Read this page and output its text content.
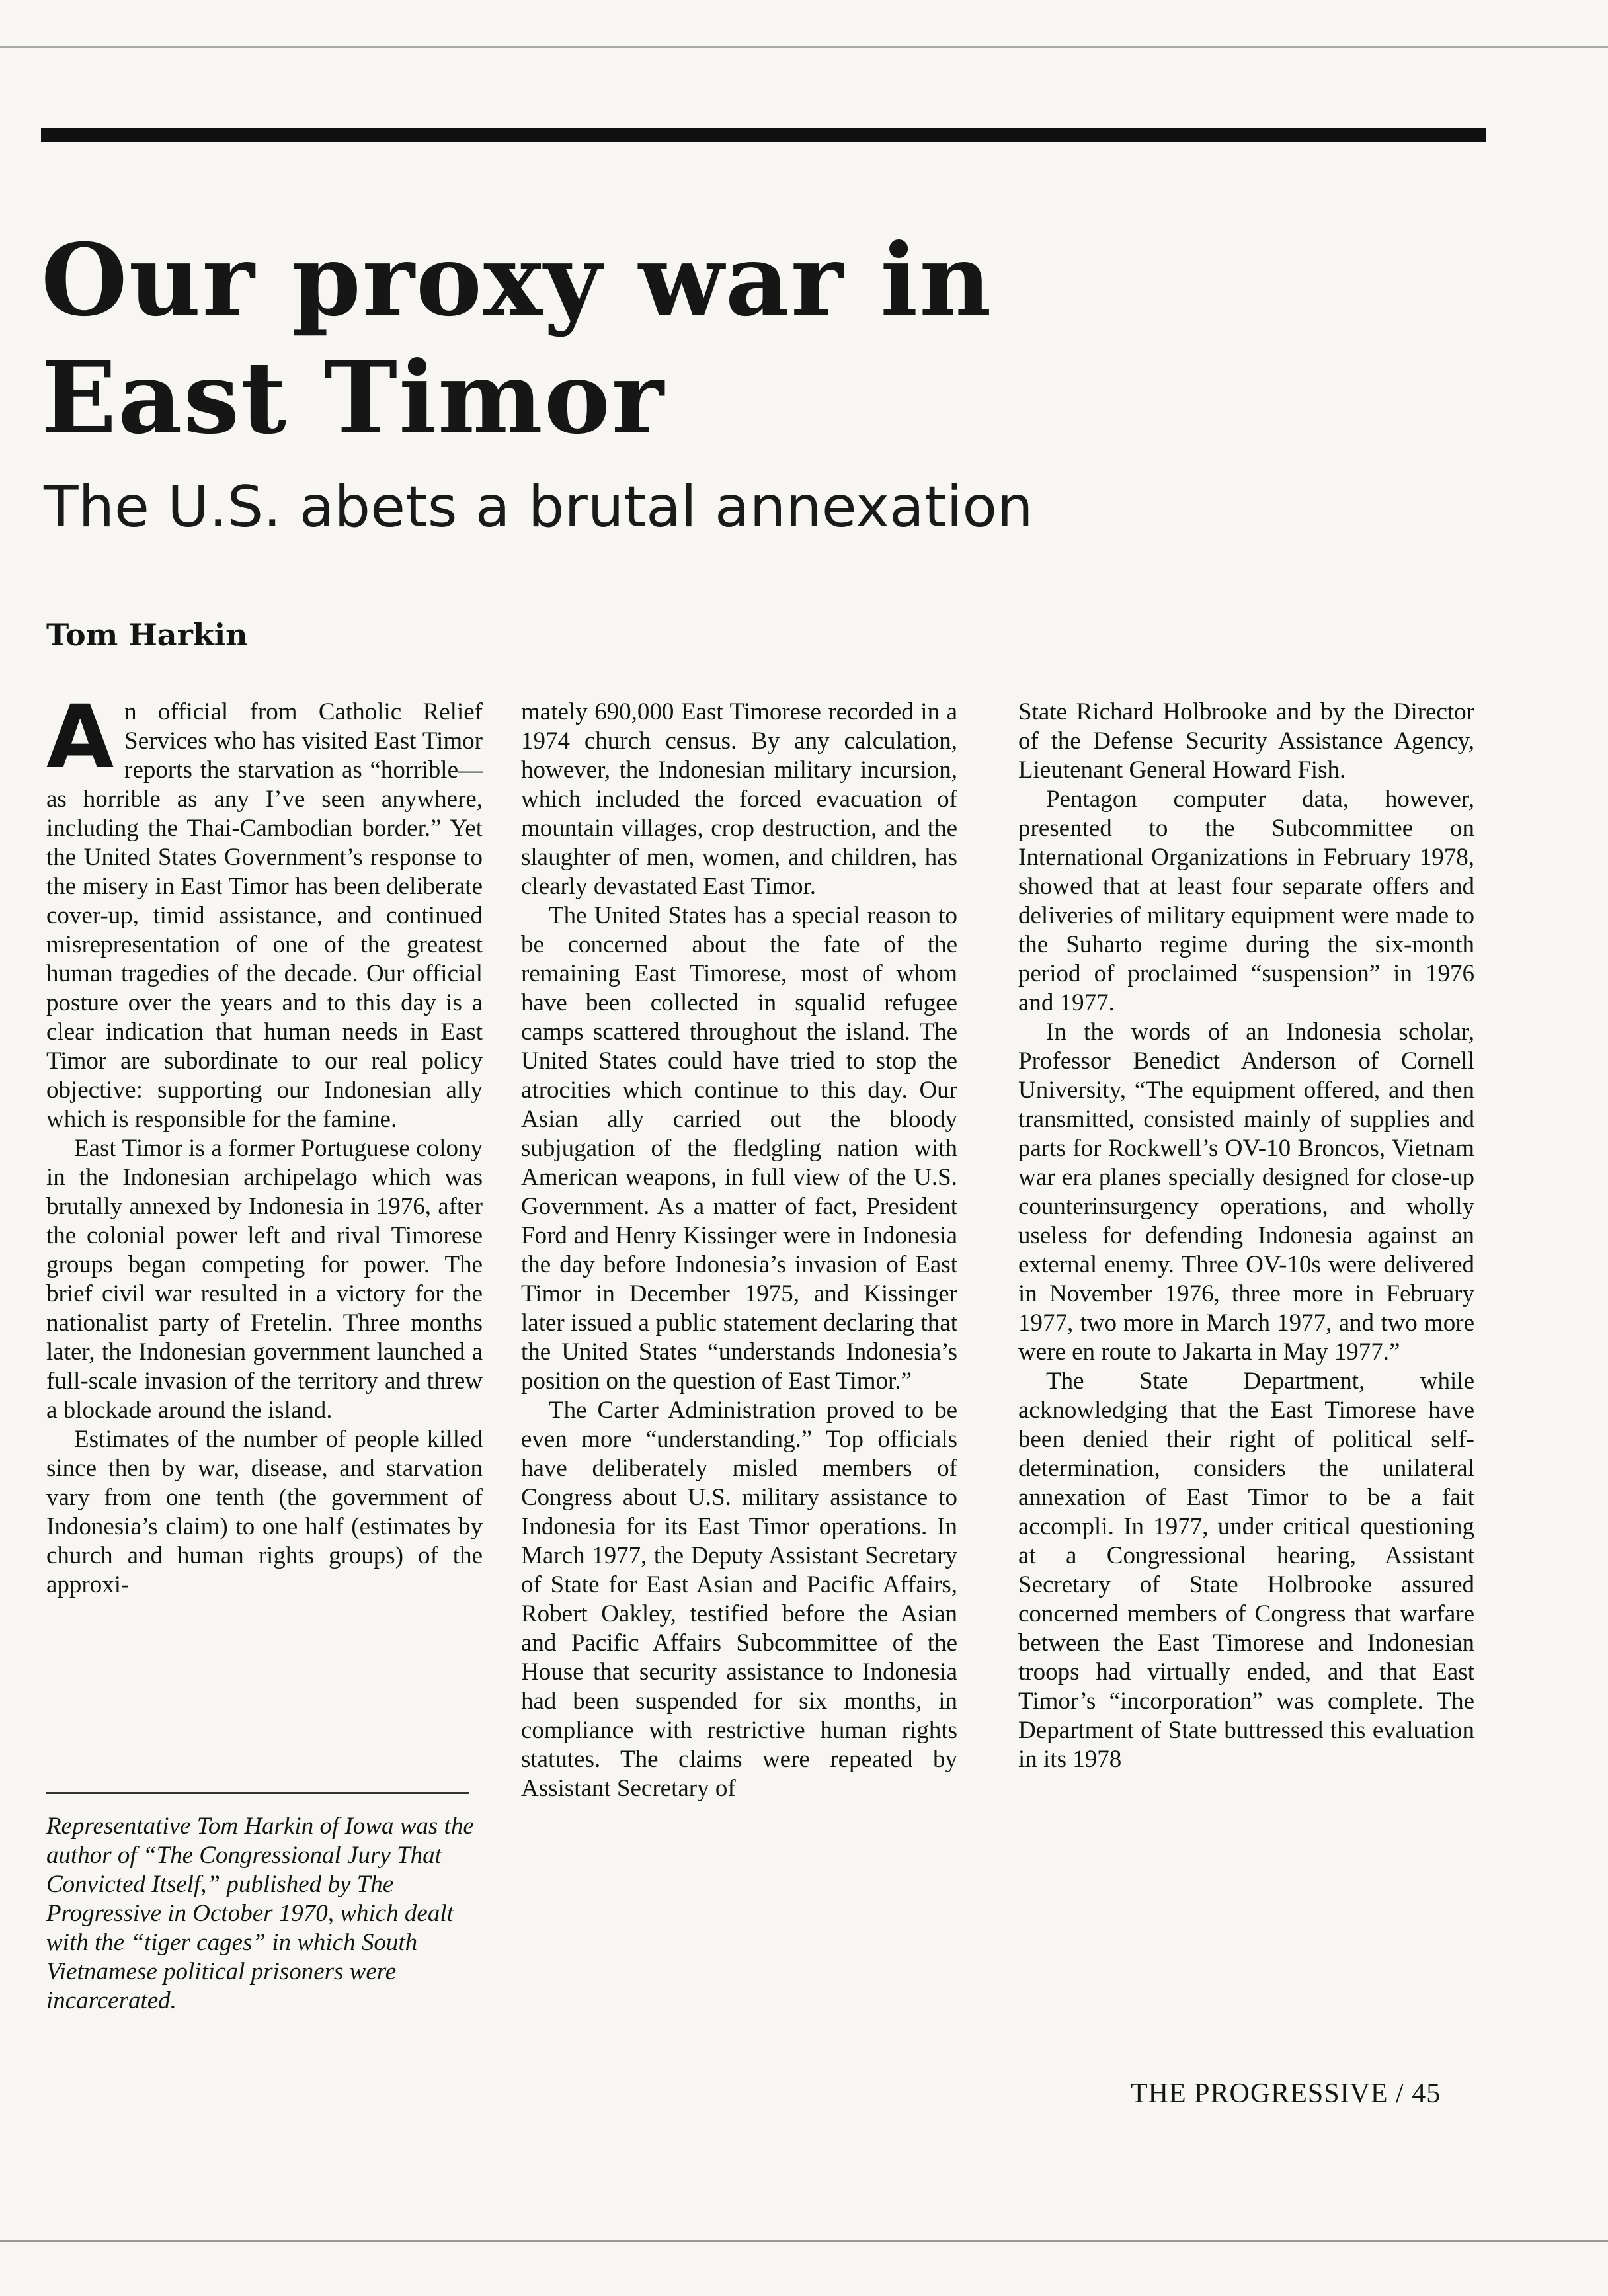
Our proxy war in
East Timor
The U.S. abets a brutal annexation

Tom Harkin

An official from Catholic Relief Services who has visited East Timor reports the starvation as “horrible—as horrible as any I’ve seen anywhere, including the Thai-Cambodian border.” Yet the United States Government’s response to the misery in East Timor has been deliberate cover-up, timid assistance, and continued misrepresentation of one of the greatest human tragedies of the decade. Our official posture over the years and to this day is a clear indication that human needs in East Timor are subordinate to our real policy objective: supporting our Indonesian ally which is responsible for the famine.

East Timor is a former Portuguese colony in the Indonesian archipelago which was brutally annexed by Indonesia in 1976, after the colonial power left and rival Timorese groups began competing for power. The brief civil war resulted in a victory for the nationalist party of Fretelin. Three months later, the Indonesian government launched a full-scale invasion of the territory and threw a blockade around the island.

Estimates of the number of people killed since then by war, disease, and starvation vary from one tenth (the government of Indonesia’s claim) to one half (estimates by church and human rights groups) of the approxi-

Representative Tom Harkin of Iowa was the author of “The Congressional Jury That Convicted Itself,” published by The Progressive in October 1970, which dealt with the “tiger cages” in which South Vietnamese political prisoners were incarcerated.

mately 690,000 East Timorese recorded in a 1974 church census. By any calculation, however, the Indonesian military incursion, which included the forced evacuation of mountain villages, crop destruction, and the slaughter of men, women, and children, has clearly devastated East Timor.

The United States has a special reason to be concerned about the fate of the remaining East Timorese, most of whom have been collected in squalid refugee camps scattered throughout the island. The United States could have tried to stop the atrocities which continue to this day. Our Asian ally carried out the bloody subjugation of the fledgling nation with American weapons, in full view of the U.S. Government. As a matter of fact, President Ford and Henry Kissinger were in Indonesia the day before Indonesia’s invasion of East Timor in December 1975, and Kissinger later issued a public statement declaring that the United States “understands Indonesia’s position on the question of East Timor.”

The Carter Administration proved to be even more “understanding.” Top officials have deliberately misled members of Congress about U.S. military assistance to Indonesia for its East Timor operations. In March 1977, the Deputy Assistant Secretary of State for East Asian and Pacific Affairs, Robert Oakley, testified before the Asian and Pacific Affairs Subcommittee of the House that security assistance to Indonesia had been suspended for six months, in compliance with restrictive human rights statutes. The claims were repeated by Assistant Secretary of

State Richard Holbrooke and by the Director of the Defense Security Assistance Agency, Lieutenant General Howard Fish.

Pentagon computer data, however, presented to the Subcommittee on International Organizations in February 1978, showed that at least four separate offers and deliveries of military equipment were made to the Suharto regime during the six-month period of proclaimed “suspension” in 1976 and 1977.

In the words of an Indonesia scholar, Professor Benedict Anderson of Cornell University, “The equipment offered, and then transmitted, consisted mainly of supplies and parts for Rockwell’s OV-10 Broncos, Vietnam war era planes specially designed for close-up counterinsurgency operations, and wholly useless for defending Indonesia against an external enemy. Three OV-10s were delivered in November 1976, three more in February 1977, two more in March 1977, and two more were en route to Jakarta in May 1977.”

The State Department, while acknowledging that the East Timorese have been denied their right of political self-determination, considers the unilateral annexation of East Timor to be a fait accompli. In 1977, under critical questioning at a Congressional hearing, Assistant Secretary of State Holbrooke assured concerned members of Congress that warfare between the East Timorese and Indonesian troops had virtually ended, and that East Timor’s “incorporation” was complete. The Department of State buttressed this evaluation in its 1978

THE PROGRESSIVE / 45
